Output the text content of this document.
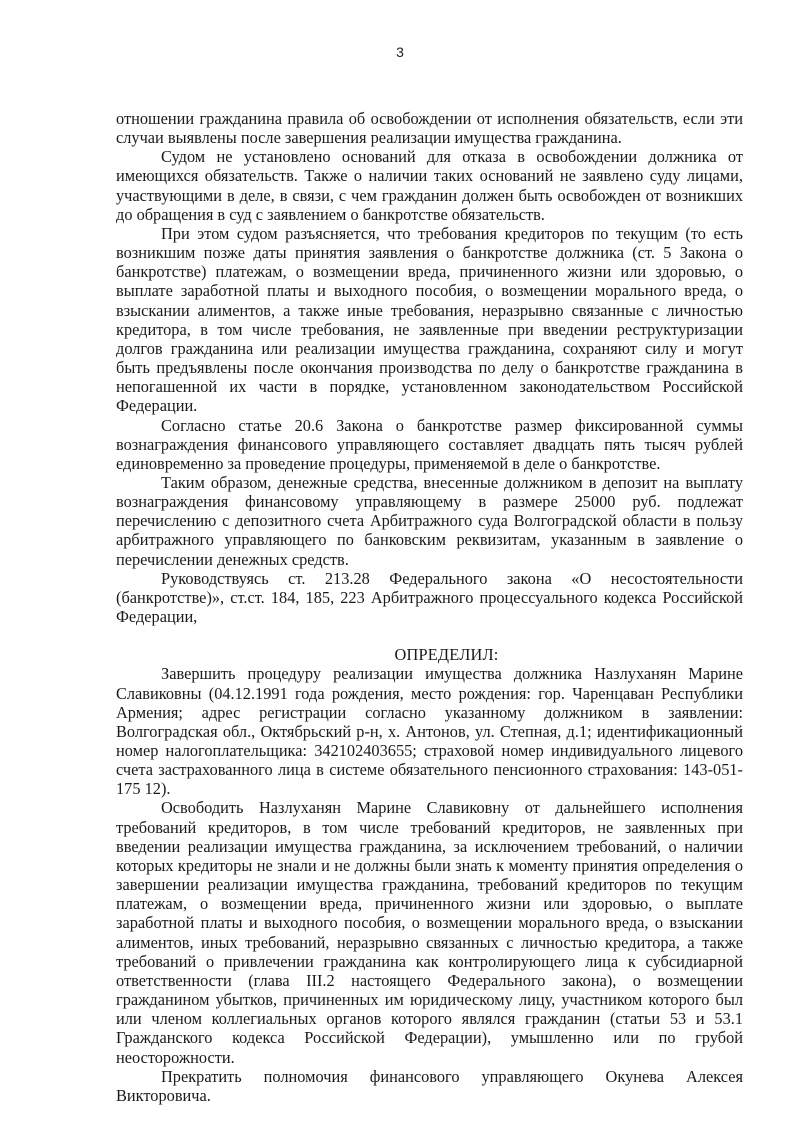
3

отношении гражданина правила об освобождении от исполнения обязательств, если эти случаи выявлены после завершения реализации имущества гражданина.

Судом не установлено оснований для отказа в освобождении должника от имеющихся обязательств. Также о наличии таких оснований не заявлено суду лицами, участвующими в деле, в связи, с чем гражданин должен быть освобожден от возникших до обращения в суд с заявлением о банкротстве обязательств.

При этом судом разъясняется, что требования кредиторов по текущим (то есть возникшим позже даты принятия заявления о банкротстве должника (ст. 5 Закона о банкротстве) платежам, о возмещении вреда, причиненного жизни или здоровью, о выплате заработной платы и выходного пособия, о возмещении морального вреда, о взыскании алиментов, а также иные требования, неразрывно связанные с личностью кредитора, в том числе требования, не заявленные при введении реструктуризации долгов гражданина или реализации имущества гражданина, сохраняют силу и могут быть предъявлены после окончания производства по делу о банкротстве гражданина в непогашенной их части в порядке, установленном законодательством Российской Федерации.

Согласно статье 20.6 Закона о банкротстве размер фиксированной суммы вознаграждения финансового управляющего составляет двадцать пять тысяч рублей единовременно за проведение процедуры, применяемой в деле о банкротстве.

Таким образом, денежные средства, внесенные должником в депозит на выплату вознаграждения финансовому управляющему в размере 25000 руб. подлежат перечислению с депозитного счета Арбитражного суда Волгоградской области в пользу арбитражного управляющего по банковским реквизитам, указанным в заявление о перечислении денежных средств.

Руководствуясь ст. 213.28 Федерального закона «О несостоятельности (банкротстве)», ст.ст. 184, 185, 223 Арбитражного процессуального кодекса Российской Федерации,

ОПРЕДЕЛИЛ:

Завершить процедуру реализации имущества должника Назлуханян Марине Славиковны (04.12.1991 года рождения, место рождения: гор. Чаренцаван Республики Армения; адрес регистрации согласно указанному должником в заявлении: Волгоградская обл., Октябрьский р-н, х. Антонов, ул. Степная, д.1; идентификационный номер налогоплательщика: 342102403655; страховой номер индивидуального лицевого счета застрахованного лица в системе обязательного пенсионного страхования: 143-051-175 12).

Освободить Назлуханян Марине Славиковну от дальнейшего исполнения требований кредиторов, в том числе требований кредиторов, не заявленных при введении реализации имущества гражданина, за исключением требований, о наличии которых кредиторы не знали и не должны были знать к моменту принятия определения о завершении реализации имущества гражданина, требований кредиторов по текущим платежам, о возмещении вреда, причиненного жизни или здоровью, о выплате заработной платы и выходного пособия, о возмещении морального вреда, о взыскании алиментов, иных требований, неразрывно связанных с личностью кредитора, а также требований о привлечении гражданина как контролирующего лица к субсидиарной ответственности (глава III.2 настоящего Федерального закона), о возмещении гражданином убытков, причиненных им юридическому лицу, участником которого был или членом коллегиальных органов которого являлся гражданин (статьи 53 и 53.1 Гражданского кодекса Российской Федерации), умышленно или по грубой неосторожности.

Прекратить полномочия финансового управляющего Окунева Алексея Викторовича.
